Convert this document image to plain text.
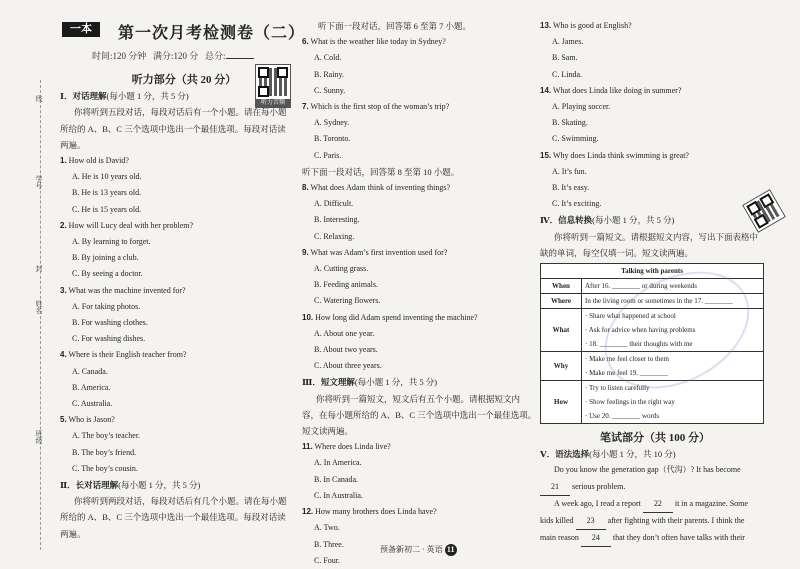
学号
姓名
班级
封
线
一本	第一次月考检测卷（二）
时间:120 分钟 满分:120 分 总分:
听力音频
听力部分（共 20 分）
Ⅰ．对话理解(每小题 1 分，共 5 分)
你将听到五段对话，每段对话后有一个小题。请在每小题
所给的 A、B、C 三个选项中选出一个最佳选项。每段对话读
两遍。
1. How old is David?
A. He is 10 years old.
B. He is 13 years old.
C. He is 15 years old.
2. How will Lucy deal with her problem?
A. By learning to forget.
B. By joining a club.
C. By seeing a doctor.
3. What was the machine invented for?
A. For taking photos.
B. For washing clothes.
C. For washing dishes.
4. Where is their English teacher from?
A. Canada.
B. America.
C. Australia.
5. Who is Jason?
A. The boy’s teacher.
B. The boy’s friend.
C. The boy’s cousin.
Ⅱ．长对话理解(每小题 1 分，共 5 分)
你将听到两段对话，每段对话后有几个小题。请在每小题
所给的 A、B、C 三个选项中选出一个最佳选项。每段对话读
两遍。
听下面一段对话，回答第 6 至第 7 小题。
6. What is the weather like today in Sydney?
A. Cold.
B. Rainy.
C. Sunny.
7. Which is the first stop of the woman’s trip?
A. Sydney.
B. Toronto.
C. Paris.
听下面一段对话，回答第 8 至第 10 小题。
8. What does Adam think of inventing things?
A. Difficult.
B. Interesting.
C. Relaxing.
9. What was Adam’s first invention used for?
A. Cutting grass.
B. Feeding animals.
C. Watering flowers.
10. How long did Adam spend inventing the machine?
A. About one year.
B. About two years.
C. About three years.
Ⅲ．短文理解(每小题 1 分，共 5 分)
你将听到一篇短文，短文后有五个小题。请根据短文内
容，在每小题所给的 A、B、C 三个选项中选出一个最佳选项。
短文读两遍。
11. Where does Linda live?
A. In America.
B. In Canada.
C. In Australia.
12. How many brothers does Linda have?
A. Two.
B. Three.
C. Four.
13. Who is good at English?
A. James.
B. Sam.
C. Linda.
14. What does Linda like doing in summer?
A. Playing soccer.
B. Skating.
C. Swimming.
15. Why does Linda think swimming is great?
A. It’s fun.
B. It’s easy.
C. It’s exciting.
Ⅳ．信息转换(每小题 1 分，共 5 分)
你将听到一篇短文。请根据短文内容，写出下面表格中
缺的单词，每空仅填一词。短文读两遍。
Talking with parents	
When	After 16. ________ or during weekends

Where	In the living room or sometimes in the 17. ________

What	· Share what happened at school
· Ask for advice when having problems
· 18. ________ their thoughts with me

Why	· Make me feel closer to them
· Make me feel 19. ________

How	· Try to listen carefully
· Show feelings in the right way
· Use 20. ________ words
笔试部分（共 100 分）
Ⅴ．语法选择(每小题 1 分，共 10 分)
Do you know the generation gap（代沟）? It has become
21 serious problem.
A week ago, I read a report 22 it in a magazine. Some
kids killed 23 after fighting with their parents. I think the
main reason 24 that they don’t often have talks with their
预备新初二 · 英语 11
